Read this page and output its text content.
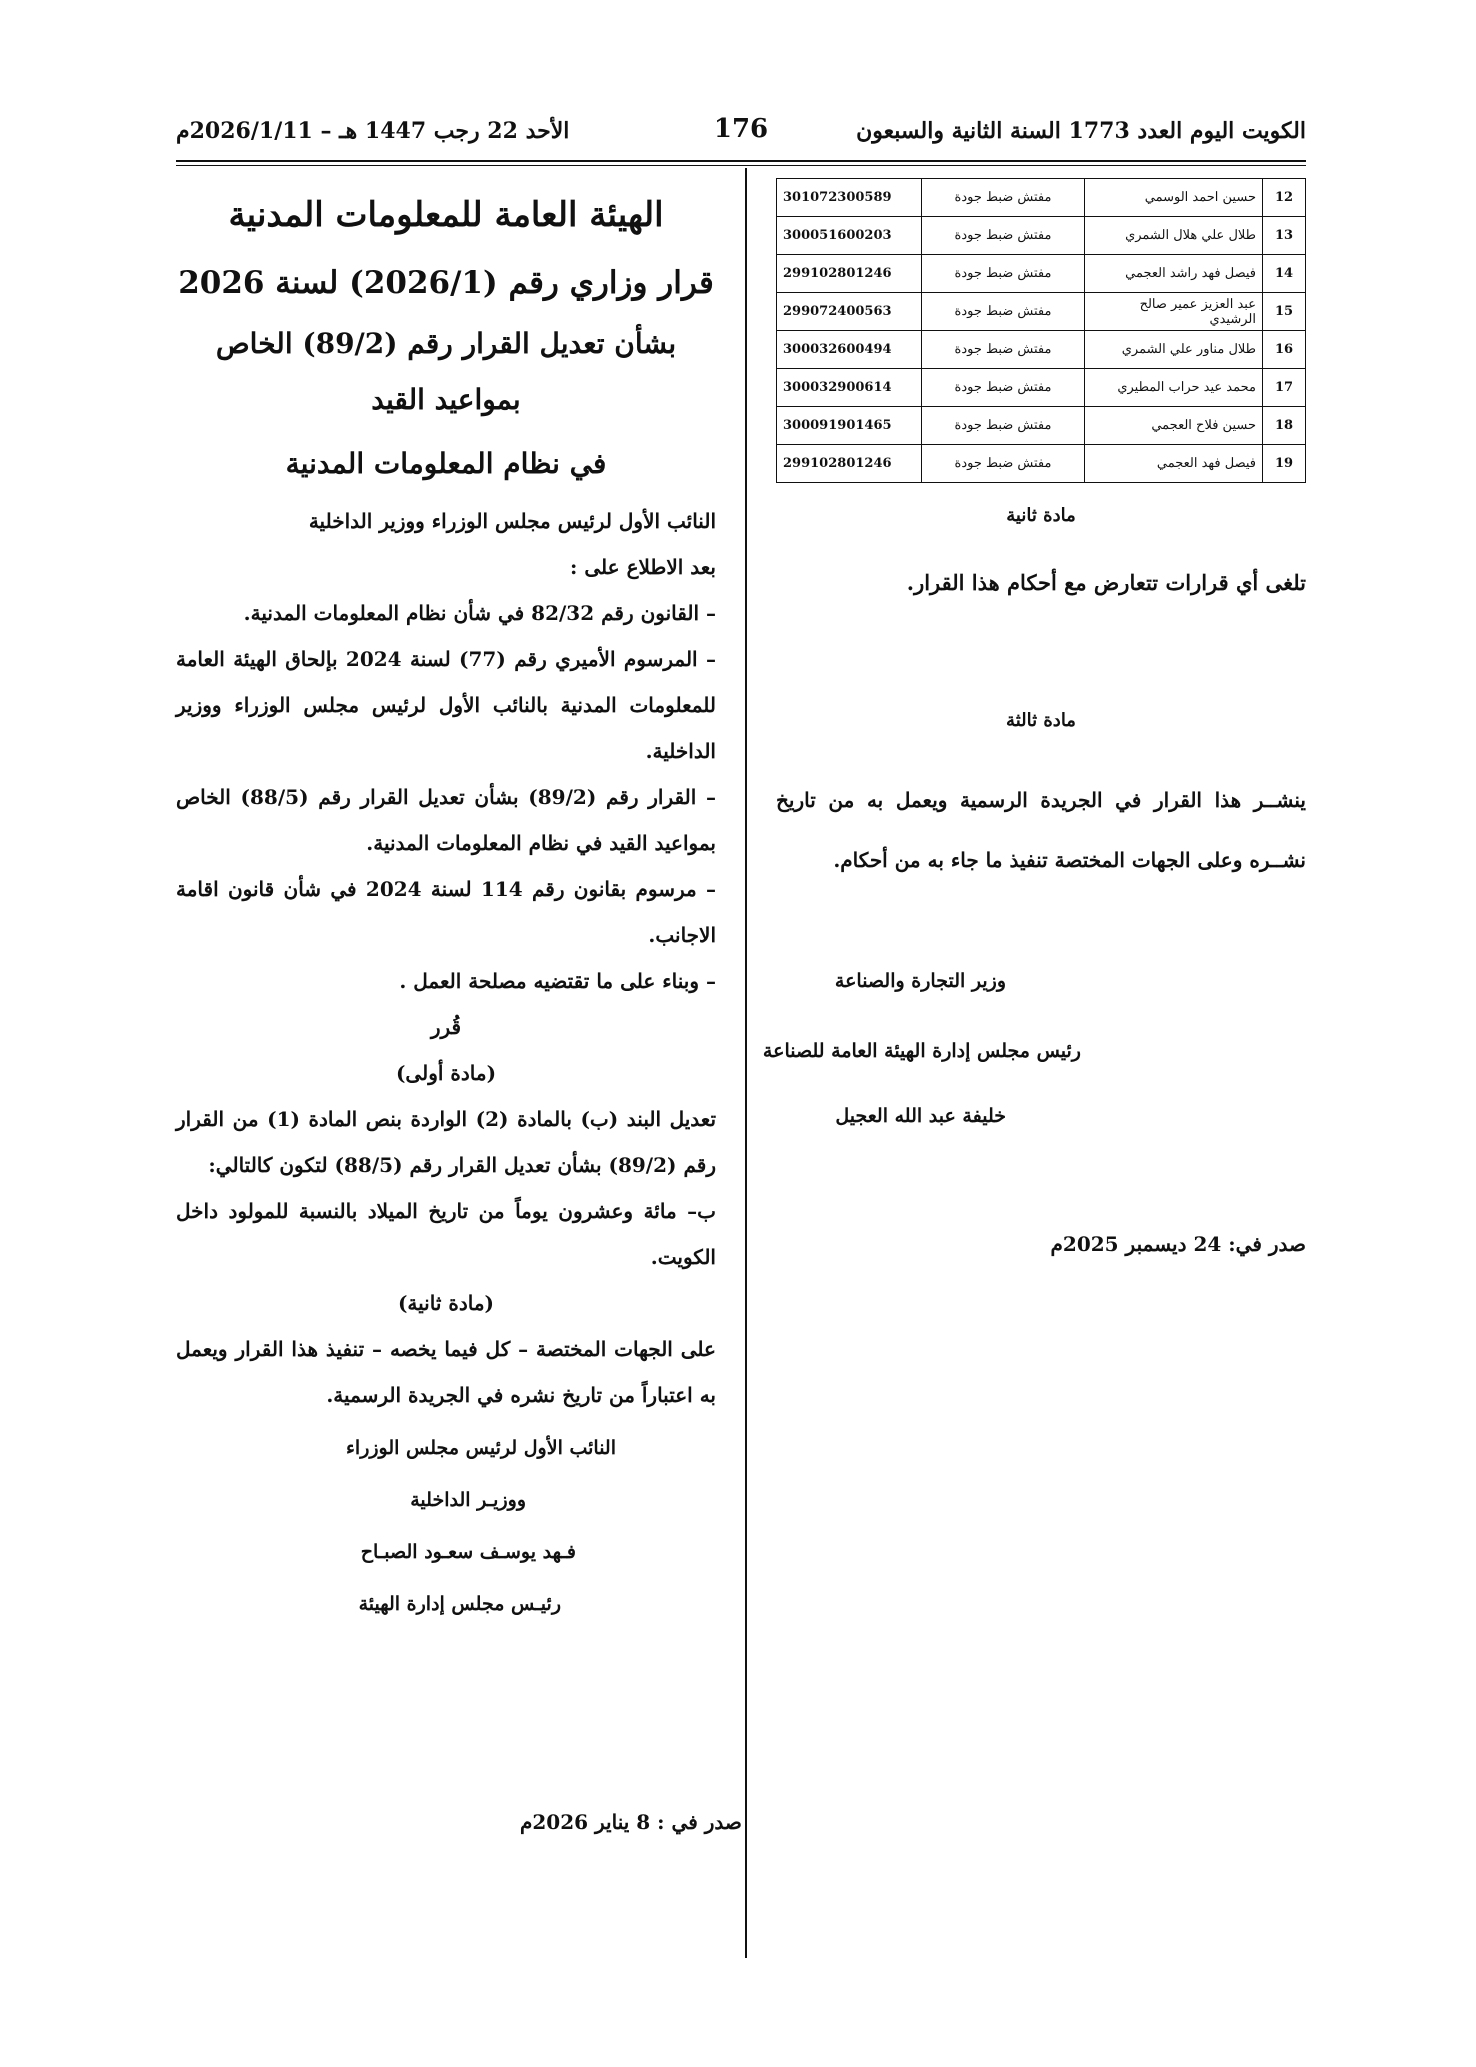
الكويت اليوم العدد 1773 السنة الثانية والسبعون
176
الأحد 22 رجب 1447 هـ – 2026/1/11م
12	حسين احمد الوسمي	مفتش ضبط جودة	301072300589
13	طلال علي هلال الشمري	مفتش ضبط جودة	300051600203
14	فيصل فهد راشد العجمي	مفتش ضبط جودة	299102801246
15	عبد العزيز عمير صالح الرشيدي	مفتش ضبط جودة	299072400563
16	طلال مناور علي الشمري	مفتش ضبط جودة	300032600494
17	محمد عيد حراب المطيري	مفتش ضبط جودة	300032900614
18	حسين فلاح العجمي	مفتش ضبط جودة	300091901465
19	فيصل فهد العجمي	مفتش ضبط جودة	299102801246
مادة ثانية
تلغى أي قرارات تتعارض مع أحكام هذا القرار.
مادة ثالثة
ينشــر هذا القرار في الجريدة الرسمية ويعمل به من تاريخ نشــره وعلى الجهات المختصة تنفيذ ما جاء به من أحكام.
وزير التجارة والصناعة
رئيس مجلس إدارة الهيئة العامة للصناعة
خليفة عبد الله العجيل
صدر في: 24 ديسمبر 2025م
الهيئة العامة للمعلومات المدنية
قرار وزاري رقم (2026/1) لسنة 2026
بشأن تعديل القرار رقم (89/2) الخاص بمواعيد القيد
في نظام المعلومات المدنية

النائب الأول لرئيس مجلس الوزراء ووزير الداخلية

بعد الاطلاع على :

– القانون رقم 82/32 في شأن نظام المعلومات المدنية.

– المرسوم الأميري رقم (77) لسنة 2024 بإلحاق الهيئة العامة للمعلومات المدنية بالنائب الأول لرئيس مجلس الوزراء ووزير الداخلية.

– القرار رقم (89/2) بشأن تعديل القرار رقم (88/5) الخاص بمواعيد القيد في نظام المعلومات المدنية.

– مرسوم بقانون رقم 114 لسنة 2024 في شأن قانون اقامة الاجانب.

– وبناء على ما تقتضيه مصلحة العمل .

قُرر

(مادة أولى)

تعديل البند (ب) بالمادة (2) الواردة بنص المادة (1) من القرار رقم (89/2) بشأن تعديل القرار رقم (88/5) لتكون كالتالي:

ب– مائة وعشرون يوماً من تاريخ الميلاد بالنسبة للمولود داخل الكويت.

(مادة ثانية)

على الجهات المختصة – كل فيما يخصه – تنفيذ هذا القرار ويعمل به اعتباراً من تاريخ نشره في الجريدة الرسمية.

النائب الأول لرئيس مجلس الوزراء

ووزيـر الداخلية

فـهد يوسـف سعـود الصبـاح

رئيـس مجلس إدارة الهيئة

صدر في : 8 يناير 2026م
